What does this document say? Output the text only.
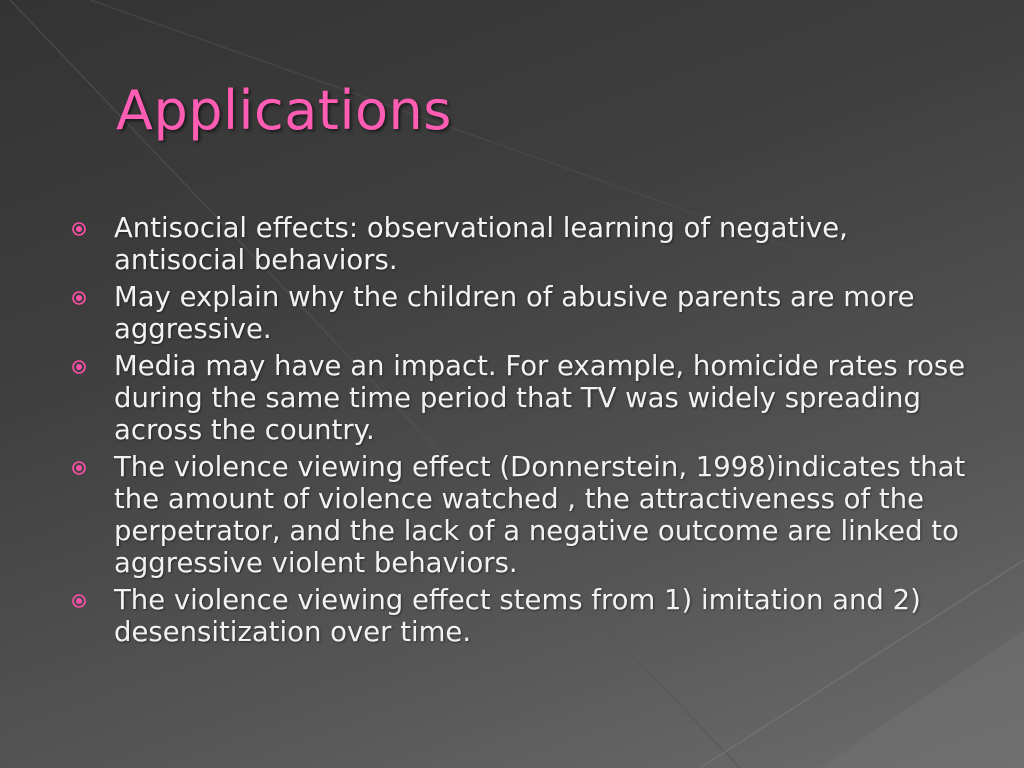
Applications
Antisocial effects: observational learning of negative, antisocial behaviors.
May explain why the children of abusive parents are more aggressive.
Media may have an impact. For example, homicide rates rose during the same time period that TV was widely spreading across the country.
The violence viewing effect (Donnerstein, 1998)indicates that the amount of violence watched , the attractiveness of the perpetrator, and the lack of a negative outcome are linked to aggressive violent behaviors.
The violence viewing effect stems from 1) imitation and 2) desensitization over time.
